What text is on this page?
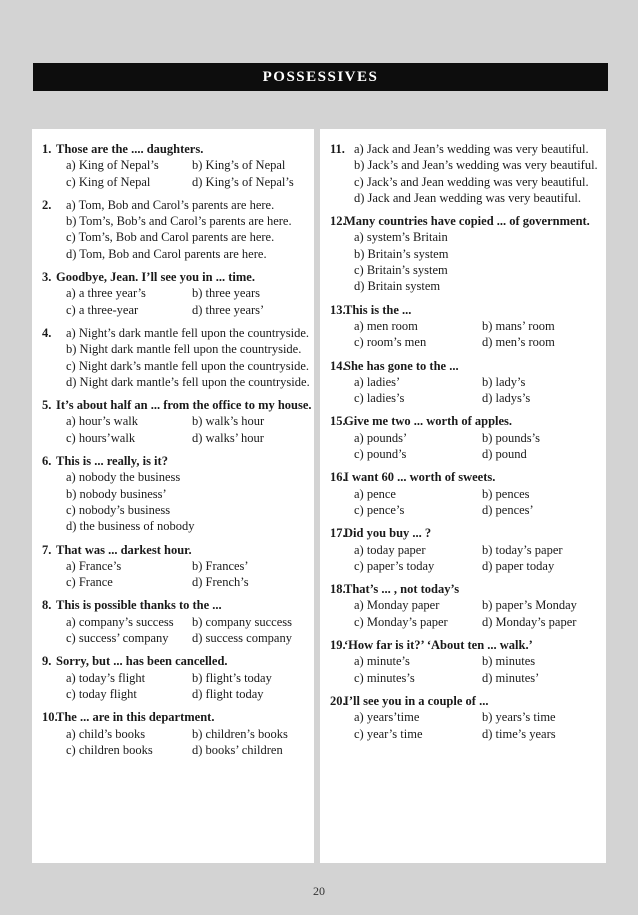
POSSESSIVES
1. Those are the .... daughters.
a) King of Nepal’s	b) King’s of Nepal
c) King of Nepal	d) King’s of Nepal’s
2. a) Tom, Bob and Carol’s parents are here.
b) Tom’s, Bob’s and Carol’s parents are here.
c) Tom’s, Bob and Carol parents are here.
d) Tom, Bob and Carol parents are here.
3. Goodbye, Jean. I’ll see you in ... time.
a) a three year’s	b) three years
c) a three-year	d) three years’
4. a) Night’s dark mantle fell upon the countryside.
b) Night dark mantle fell upon the countryside.
c) Night dark’s mantle fell upon the countryside.
d) Night dark mantle’s fell upon the countryside.
5. It’s about half an ... from the office to my house.
a) hour’s walk	b) walk’s hour
c) hours’walk	d) walks’ hour
6. This is ... really, is it?
a) nobody the business
b) nobody business’
c) nobody’s business
d) the business of nobody
7. That was ... darkest hour.
a) France’s	b) Frances’
c) France	d) French’s
8. This is possible thanks to the ...
a) company’s success	b) company success
c) success’ company	d) success company
9. Sorry, but ... has been cancelled.
a) today’s flight	b) flight’s today
c) today flight	d) flight today
10.
The ... are in this department.
a) child’s books	b) children’s books
c) children books	d) books’ children
11. a) Jack and Jean’s wedding was very beautiful.
b) Jack’s and Jean’s wedding was very beautiful.
c) Jack’s and Jean wedding was very beautiful.
d) Jack and Jean wedding was very beautiful.
12.
Many countries have copied ... of government.
a) system’s Britain
b) Britain’s system
c) Britain’s system
d) Britain system
13.
This is the ...
a) men room	b) mans’ room
c) room’s men	d) men’s room
14.
She has gone to the ...
a) ladies’	b) lady’s
c) ladies’s	d) ladys’s
15.
Give me two ... worth of apples.
a) pounds’	b) pounds’s
c) pound’s	d) pound
16.
I want 60 ... worth of sweets.
a) pence	b) pences
c) pence’s	d) pences’
17.
Did you buy ... ?
a) today paper	b) today’s paper
c) paper’s today	d) paper today
18.
That’s ... , not today’s
a) Monday paper	b) paper’s Monday
c) Monday’s paper	d) Monday’s paper
19.
‘How far is it?’ ‘About ten ... walk.’
a) minute’s	b) minutes
c) minutes’s	d) minutes’
20.
I’ll see you in a couple of ...
a) years’time	b) years’s time
c) year’s time	d) time’s years
20
